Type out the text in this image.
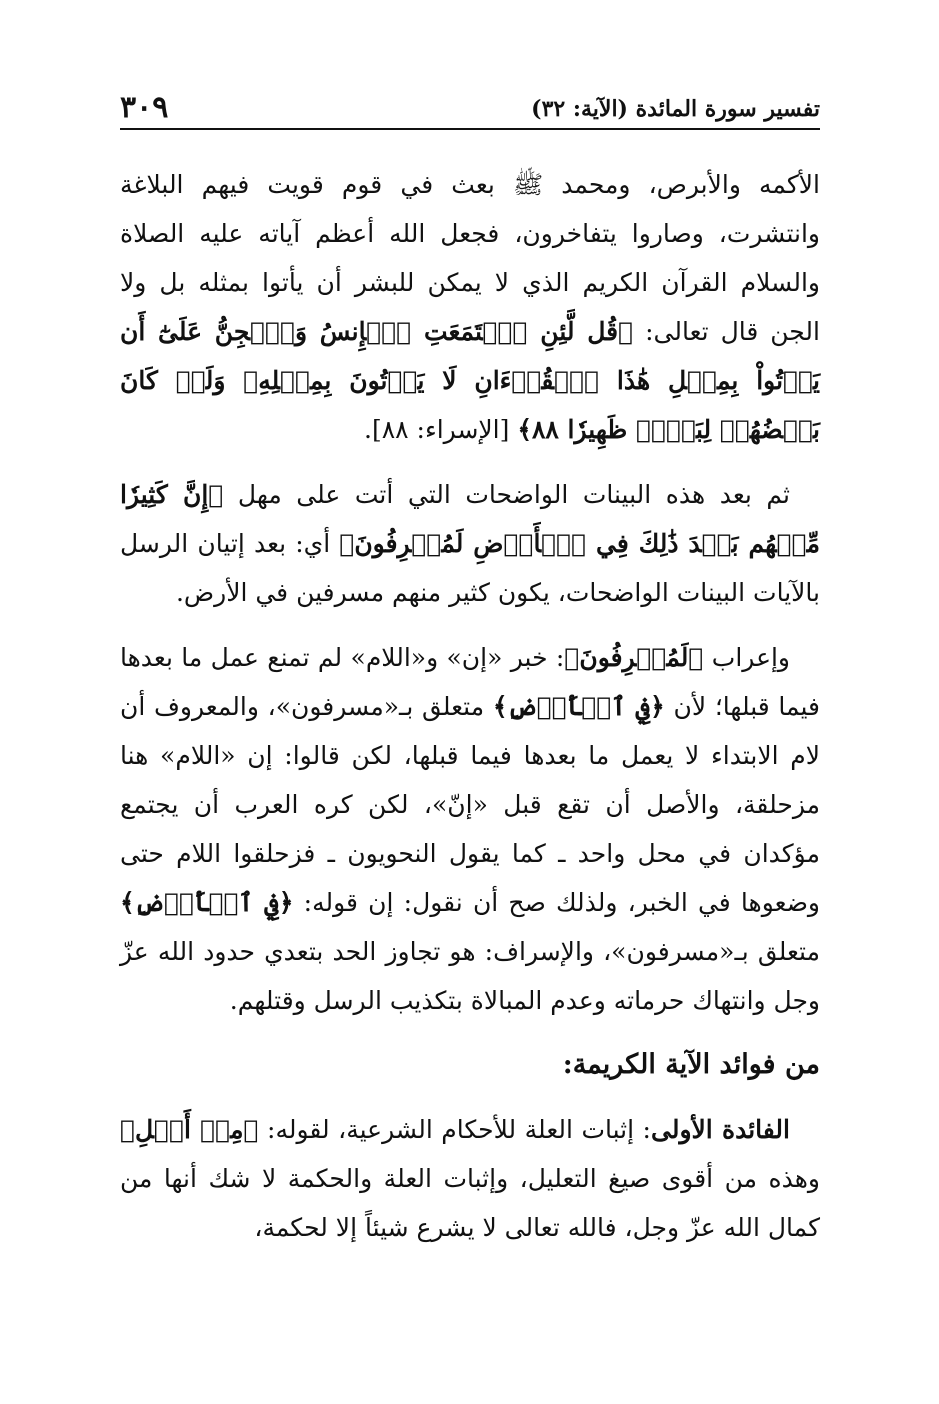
تفسير سورة المائدة (الآية: ٣٢)
٣٠٩

الأكمه والأبرص، ومحمد ﷺ بعث في قوم قويت فيهم البلاغة وانتشرت، وصاروا يتفاخرون، فجعل الله أعظم آياته عليه الصلاة والسلام القرآن الكريم الذي لا يمكن للبشر أن يأتوا بمثله بل ولا الجن قال تعالى: ﴿قُل لَّئِنِ ٱجۡتَمَعَتِ ٱلۡإِنسُ وَٱلۡجِنُّ عَلَىٰٓ أَن يَأۡتُواْ بِمِثۡلِ هَٰذَا ٱلۡقُرۡءَانِ لَا يَأۡتُونَ بِمِثۡلِهِۦ وَلَوۡ كَانَ بَعۡضُهُمۡ لِبَعۡضٖ ظَهِيرٗا ٨٨﴾ [الإسراء: ٨٨].

ثم بعد هذه البينات الواضحات التي أتت على مهل ﴿إِنَّ كَثِيرٗا مِّنۡهُم بَعۡدَ ذَٰلِكَ فِي ٱلۡأَرۡضِ لَمُسۡرِفُونَ﴾ أي: بعد إتيان الرسل بالآيات البينات الواضحات، يكون كثير منهم مسرفين في الأرض.

وإعراب ﴿لَمُسۡرِفُونَ﴾: خبر «إن» و«اللام» لم تمنع عمل ما بعدها فيما قبلها؛ لأن ﴿فِي ٱلۡأَرۡضِ﴾ متعلق بـ«مسرفون»، والمعروف أن لام الابتداء لا يعمل ما بعدها فيما قبلها، لكن قالوا: إن «اللام» هنا مزحلقة، والأصل أن تقع قبل «إنّ»، لكن كره العرب أن يجتمع مؤكدان في محل واحد ـ كما يقول النحويون ـ فزحلقوا اللام حتى وضعوها في الخبر، ولذلك صح أن نقول: إن قوله: ﴿فِي ٱلۡأَرۡضِ﴾ متعلق بـ«مسرفون»، والإسراف: هو تجاوز الحد بتعدي حدود الله عزّ وجل وانتهاك حرماته وعدم المبالاة بتكذيب الرسل وقتلهم.

من فوائد الآية الكريمة:

الفائدة الأولى: إثبات العلة للأحكام الشرعية، لقوله: ﴿مِنۡ أَجۡلِ﴾ وهذه من أقوى صيغ التعليل، وإثبات العلة والحكمة لا شك أنها من كمال الله عزّ وجل، فالله تعالى لا يشرع شيئاً إلا لحكمة،
